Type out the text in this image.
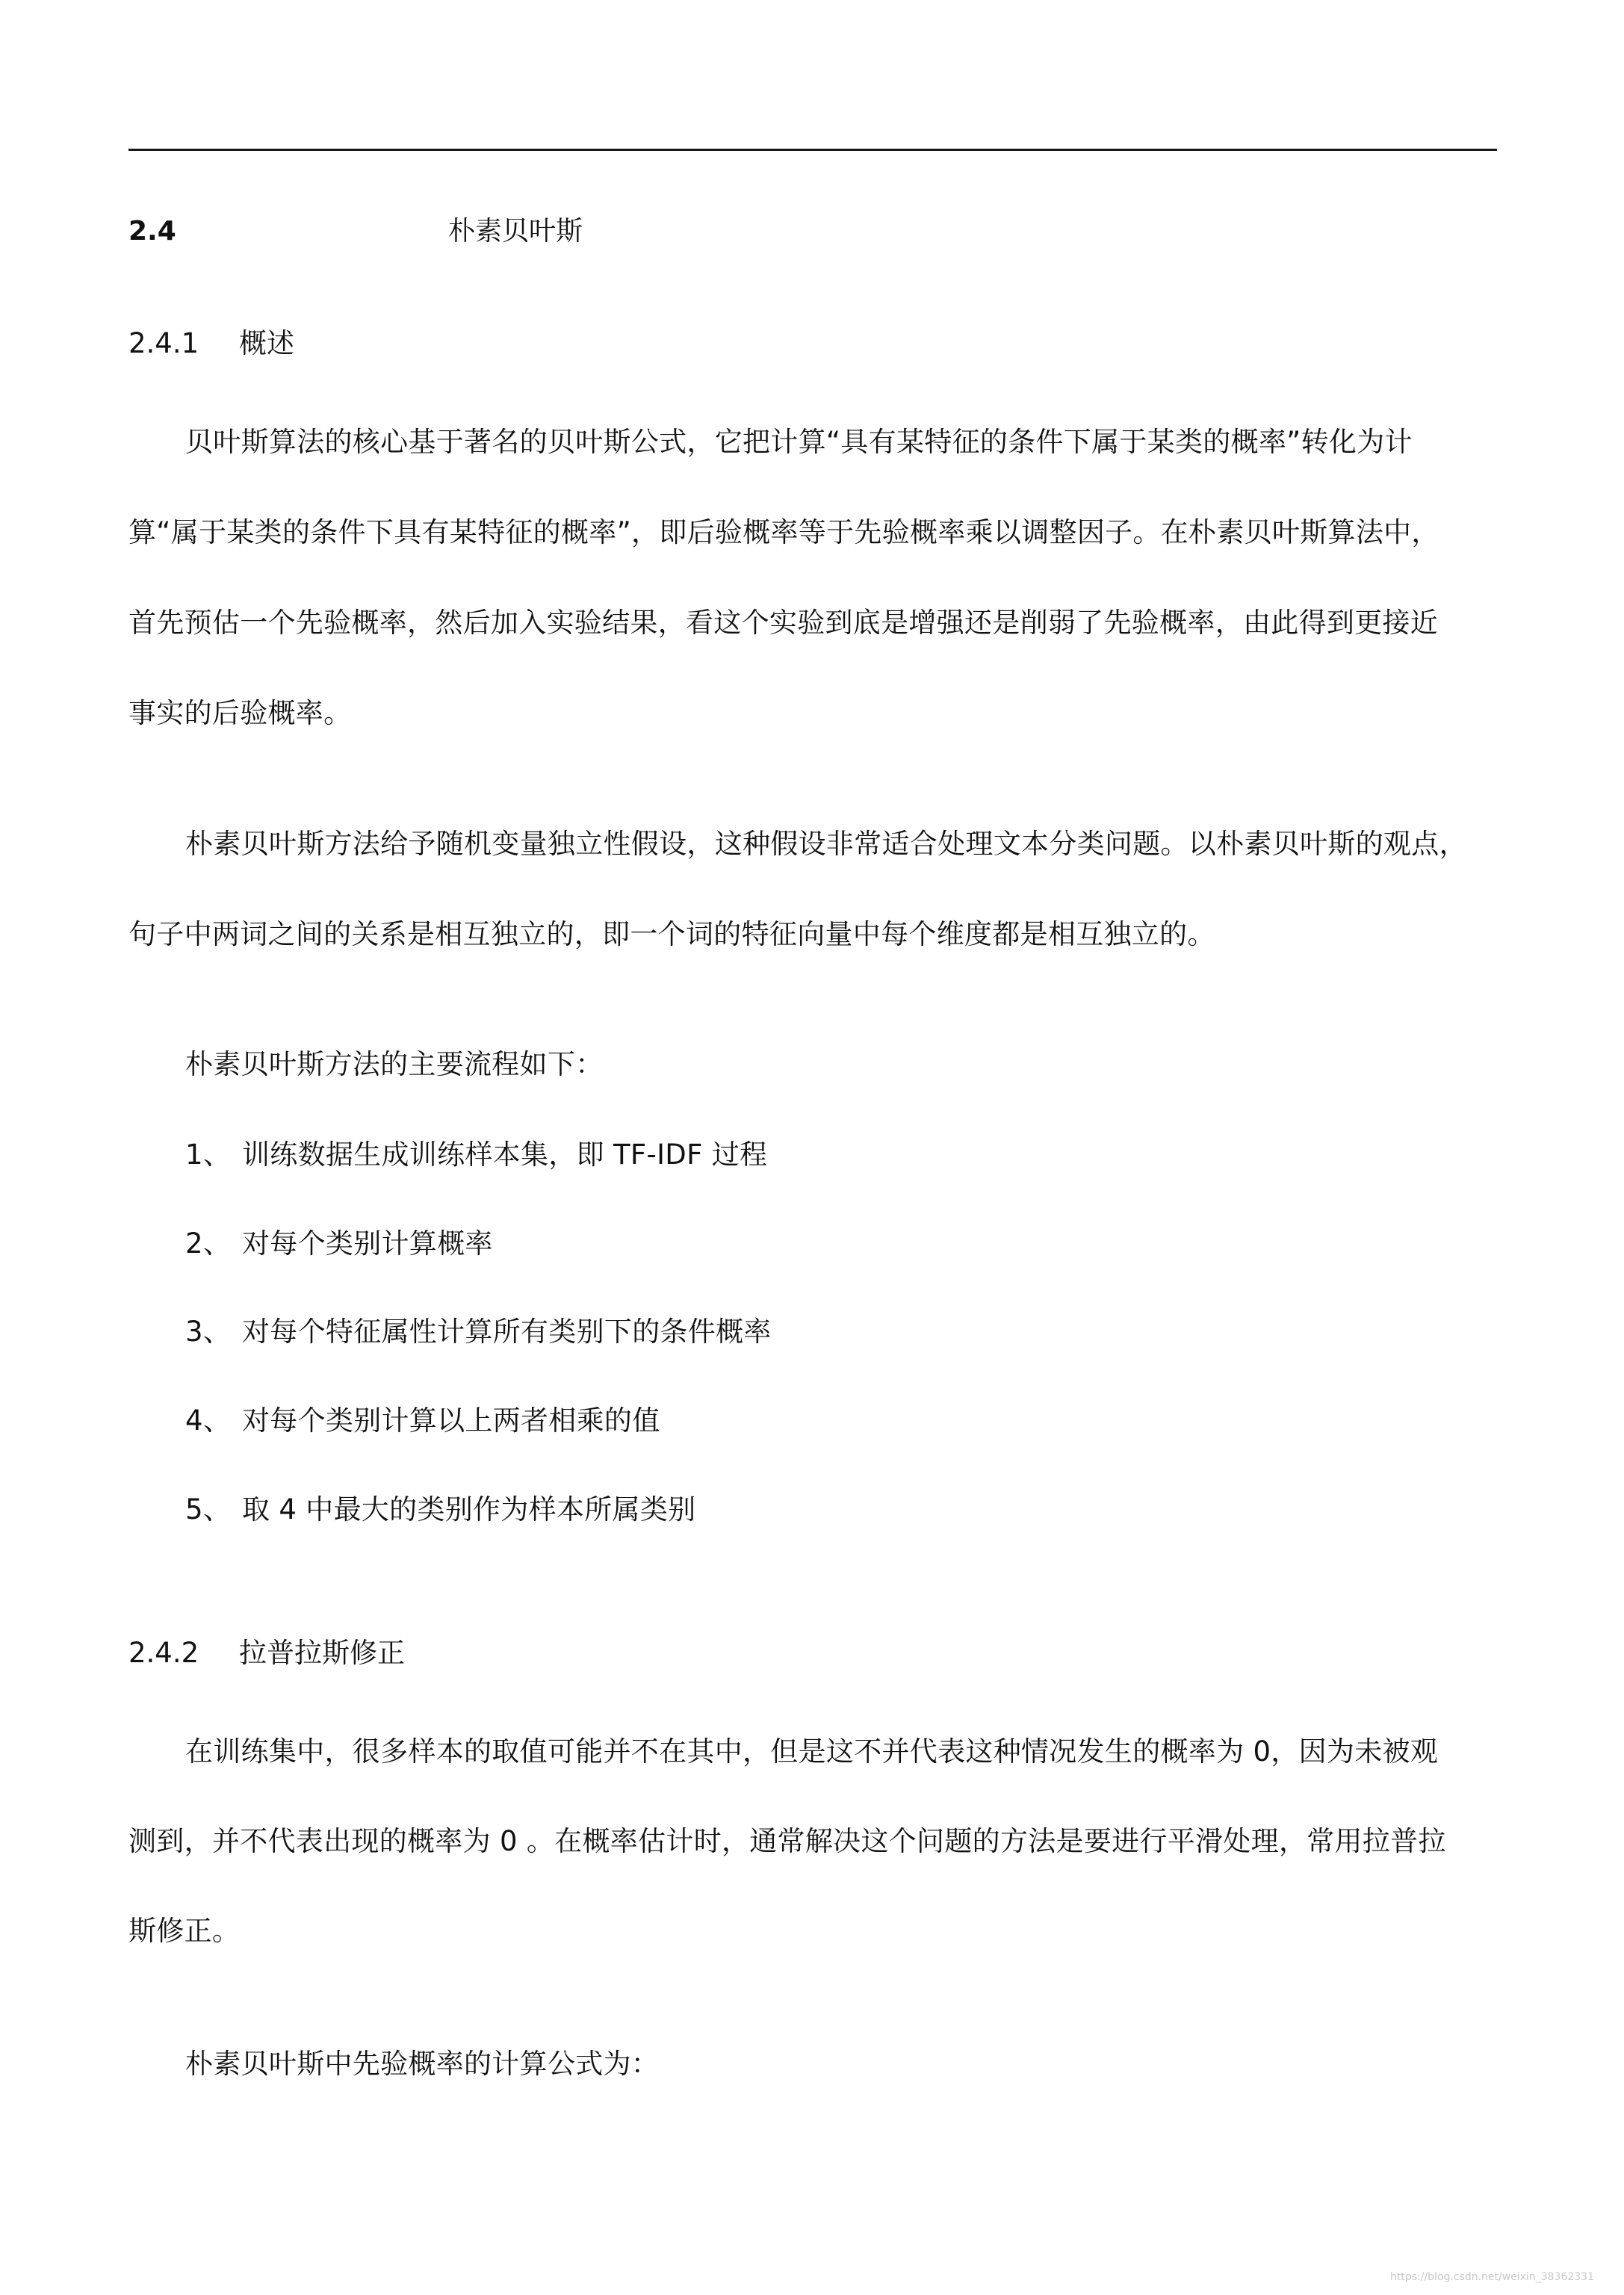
2.4	朴素贝叶斯
2.4.1 概述
贝叶斯算法的核心基于著名的贝叶斯公式，它把计算“具有某特征的条件下属于某类的概率”转化为计
算“属于某类的条件下具有某特征的概率”，即后验概率等于先验概率乘以调整因子。在朴素贝叶斯算法中，
首先预估一个先验概率，然后加入实验结果，看这个实验到底是增强还是削弱了先验概率，由此得到更接近
事实的后验概率。
朴素贝叶斯方法给予随机变量独立性假设，这种假设非常适合处理文本分类问题。以朴素贝叶斯的观点，
句子中两词之间的关系是相互独立的，即一个词的特征向量中每个维度都是相互独立的。
朴素贝叶斯方法的主要流程如下：
1、 训练数据生成训练样本集，即 TF-IDF 过程
2、 对每个类别计算概率
3、 对每个特征属性计算所有类别下的条件概率
4、 对每个类别计算以上两者相乘的值
5、 取 4 中最大的类别作为样本所属类别
2.4.2 拉普拉斯修正
在训练集中，很多样本的取值可能并不在其中，但是这不并代表这种情况发生的概率为 0，因为未被观
测到，并不代表出现的概率为 0 。在概率估计时，通常解决这个问题的方法是要进行平滑处理，常用拉普拉
斯修正。
朴素贝叶斯中先验概率的计算公式为：
https://blog.csdn.net/weixin_38362331
